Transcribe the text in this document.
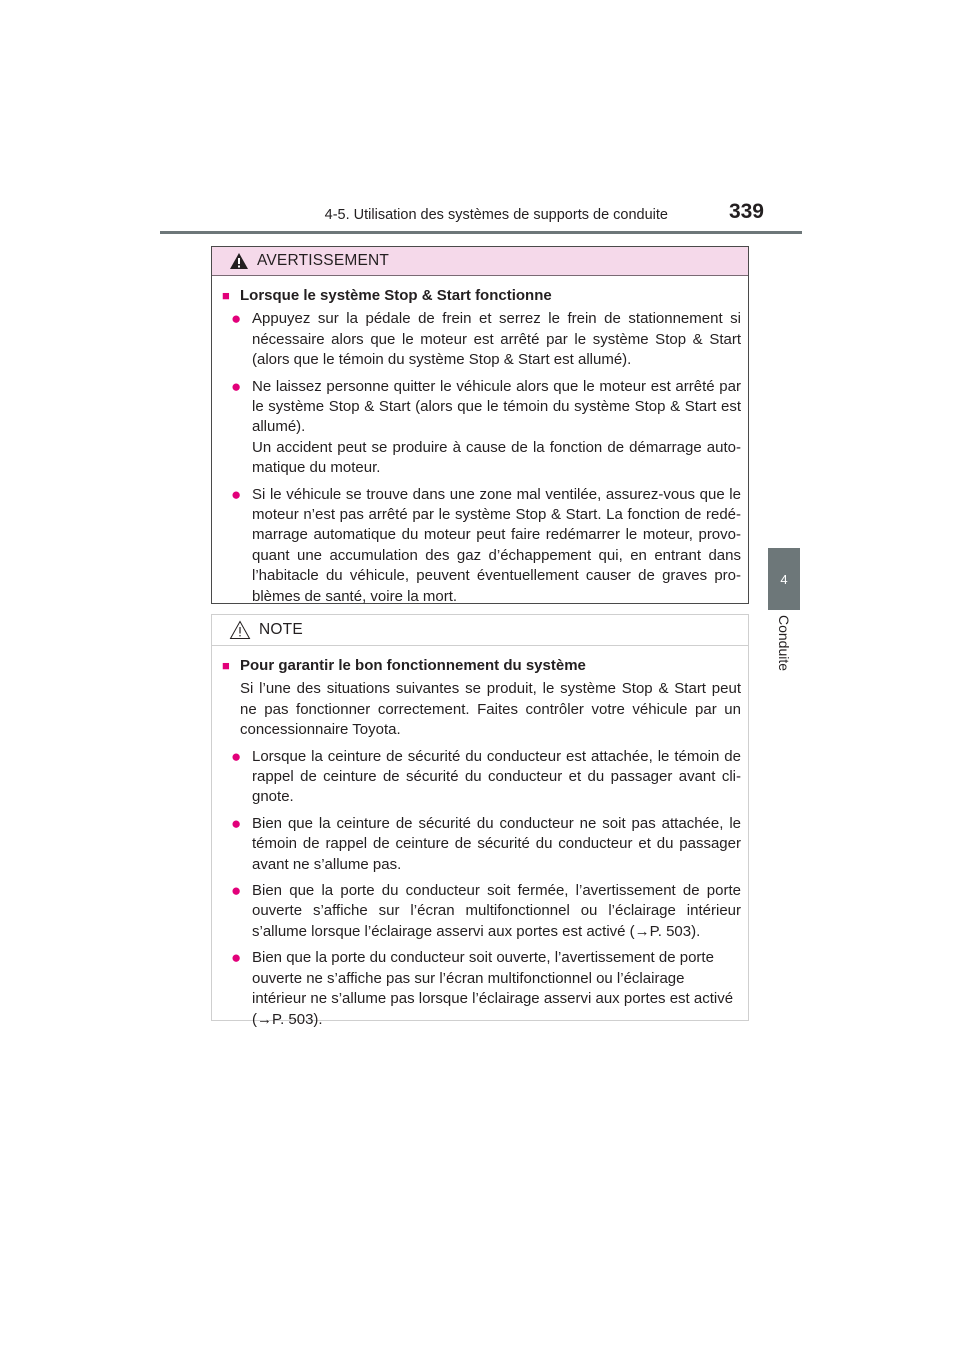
4-5. Utilisation des systèmes de supports de conduite	339
4
Conduite
AVERTISSEMENT
■ Lorsque le système Stop & Start fonctionne
● Appuyez sur la pédale de frein et serrez le frein de stationnement si nécessaire alors que le moteur est arrêté par le système Stop & Start (alors que le témoin du système Stop & Start est allumé).
● Ne laissez personne quitter le véhicule alors que le moteur est arrêté par le système Stop & Start (alors que le témoin du système Stop & Start est allumé).

Un accident peut se produire à cause de la fonction de démarrage auto-matique du moteur.

● Si le véhicule se trouve dans une zone mal ventilée, assurez-vous que le moteur n’est pas arrêté par le système Stop & Start. La fonction de redé-marrage automatique du moteur peut faire redémarrer le moteur, provo-quant une accumulation des gaz d’échappement qui, en entrant dans l’habitacle du véhicule, peuvent éventuellement causer de graves pro-blèmes de santé, voire la mort.
NOTE
■ Pour garantir le bon fonctionnement du système
Si l’une des situations suivantes se produit, le système Stop & Start peut ne pas fonctionner correctement. Faites contrôler votre véhicule par un concessionnaire Toyota.
● Lorsque la ceinture de sécurité du conducteur est attachée, le témoin de rappel de ceinture de sécurité du conducteur et du passager avant cli-gnote.
● Bien que la ceinture de sécurité du conducteur ne soit pas attachée, le témoin de rappel de ceinture de sécurité du conducteur et du passager avant ne s’allume pas.
● Bien que la porte du conducteur soit fermée, l’avertissement de porte ouverte s’affiche sur l’écran multifonctionnel ou l’éclairage intérieur s’allume lorsque l’éclairage asservi aux portes est activé (→P. 503).
● Bien que la porte du conducteur soit ouverte, l’avertissement de porte ouverte ne s’affiche pas sur l’écran multifonctionnel ou l’éclairage intérieur ne s’allume pas lorsque l’éclairage asservi aux portes est activé

(→P. 503).
